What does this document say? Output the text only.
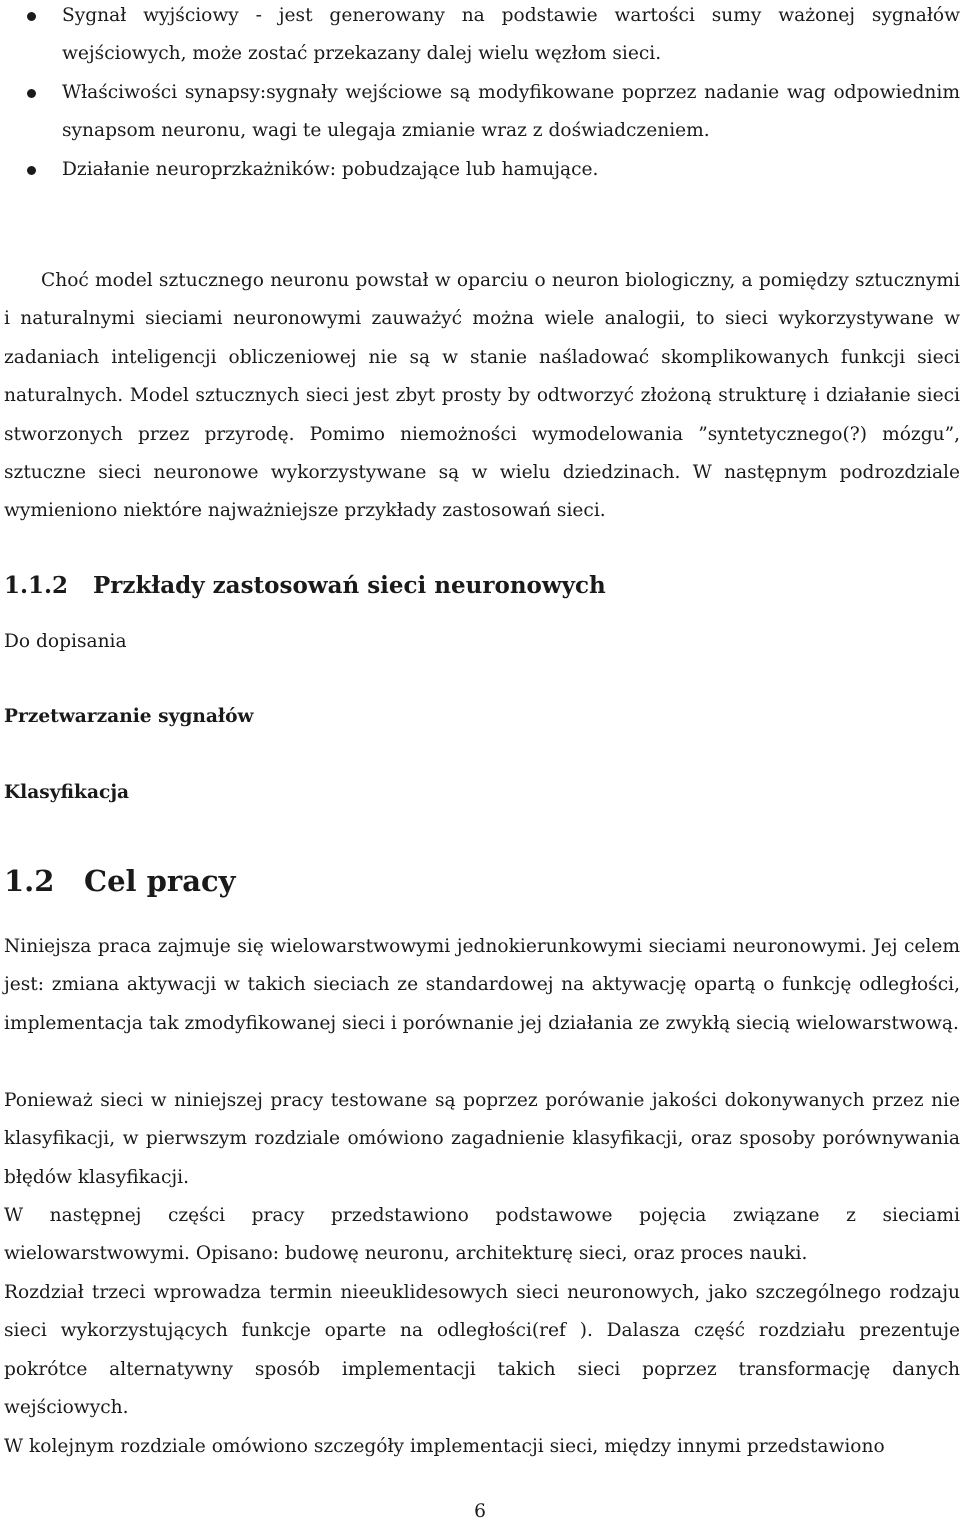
Sygnał wyjściowy - jest generowany na podstawie wartości sumy ważonej sygnałów wejściowych, może zostać przekazany dalej wielu węzłom sieci.
Właściwości synapsy:sygnały wejściowe są modyfikowane poprzez nadanie wag odpowiednim synapsom neuronu, wagi te ulegaja zmianie wraz z doświadczeniem.
Działanie neuroprzkażników: pobudzające lub hamujące.

Choć model sztucznego neuronu powstał w oparciu o neuron biologiczny, a pomiędzy sztucznymi i naturalnymi sieciami neuronowymi zauważyć można wiele analogii, to sieci wykorzystywane w zadaniach inteligencji obliczeniowej nie są w stanie naśladować skomplikowanych funkcji sieci naturalnych. Model sztucznych sieci jest zbyt prosty by odtworzyć złożoną strukturę i działanie sieci stworzonych przez przyrodę. Pomimo niemożności wymodelowania ”syntetycznego(?) mózgu”, sztuczne sieci neuronowe wykorzystywane są w wielu dziedzinach. W następnym podrozdziale wymieniono niektóre najważniejsze przykłady zastosowań sieci.

1.1.2 Przkłady zastosowań sieci neuronowych

Do dopisania

Przetwarzanie sygnałów
Klasyfikacja
1.2 Cel pracy

Niniejsza praca zajmuje się wielowarstwowymi jednokierunkowymi sieciami neuronowymi. Jej celem jest: zmiana aktywacji w takich sieciach ze standardowej na aktywację opartą o funkcję odległości, implementacja tak zmodyfikowanej sieci i porównanie jej działania ze zwykłą siecią wielowarstwową.

Ponieważ sieci w niniejszej pracy testowane są poprzez porówanie jakości dokonywanych przez nie klasyfikacji, w pierwszym rozdziale omówiono zagadnienie klasyfikacji, oraz sposoby porównywania błędów klasyfikacji.

W następnej części pracy przedstawiono podstawowe pojęcia związane z sieciami wielowarstwowymi. Opisano: budowę neuronu, architekturę sieci, oraz proces nauki.

Rozdział trzeci wprowadza termin nieeuklidesowych sieci neuronowych, jako szczególnego rodzaju sieci wykorzystujących funkcje oparte na odległości(ref ). Dalasza część rozdziału prezentuje pokrótce alternatywny sposób implementacji takich sieci poprzez transformację danych wejściowych.

W kolejnym rozdziale omówiono szczegóły implementacji sieci, między innymi przedstawiono

6
